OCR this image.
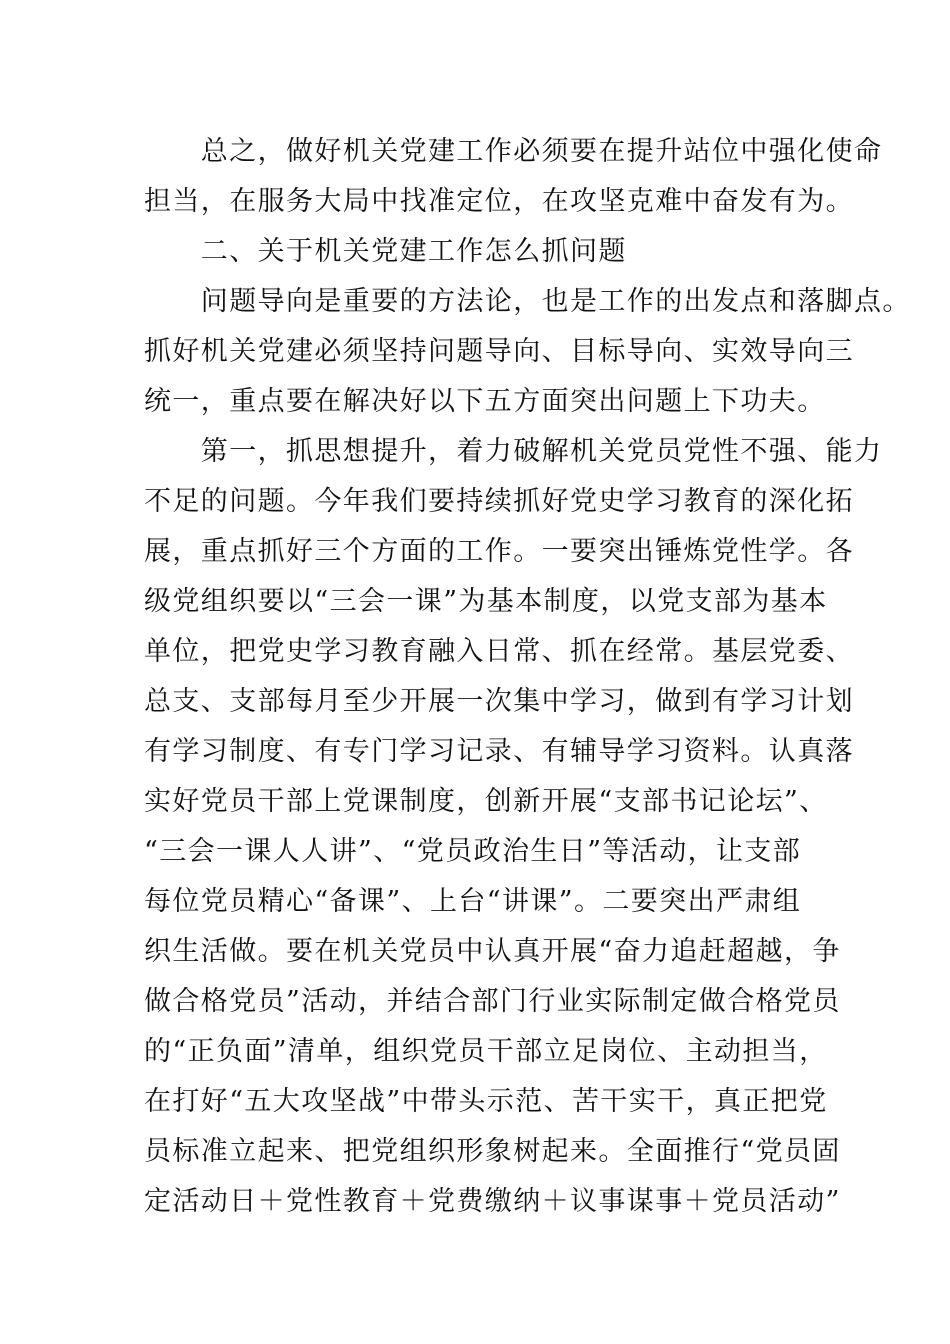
　　总之，做好机关党建工作必须要在提升站位中强化使命
担当，在服务大局中找准定位，在攻坚克难中奋发有为。
　　二、关于机关党建工作怎么抓问题
　　问题导向是重要的方法论，也是工作的出发点和落脚点。
抓好机关党建必须坚持问题导向、目标导向、实效导向三
统一，重点要在解决好以下五方面突出问题上下功夫。
　　第一，抓思想提升，着力破解机关党员党性不强、能力
不足的问题。今年我们要持续抓好党史学习教育的深化拓
展，重点抓好三个方面的工作。一要突出锤炼党性学。各
级党组织要以“三会一课”为基本制度，以党支部为基本
单位，把党史学习教育融入日常、抓在经常。基层党委、
总支、支部每月至少开展一次集中学习，做到有学习计划
有学习制度、有专门学习记录、有辅导学习资料。认真落
实好党员干部上党课制度，创新开展“支部书记论坛”、
“三会一课人人讲”、“党员政治生日”等活动，让支部
每位党员精心“备课”、上台“讲课”。二要突出严肃组
织生活做。要在机关党员中认真开展“奋力追赶超越，争
做合格党员”活动，并结合部门行业实际制定做合格党员
的“正负面”清单，组织党员干部立足岗位、主动担当，
在打好“五大攻坚战”中带头示范、苦干实干，真正把党
员标准立起来、把党组织形象树起来。全面推行“党员固
定活动日＋党性教育＋党费缴纳＋议事谋事＋党员活动”
